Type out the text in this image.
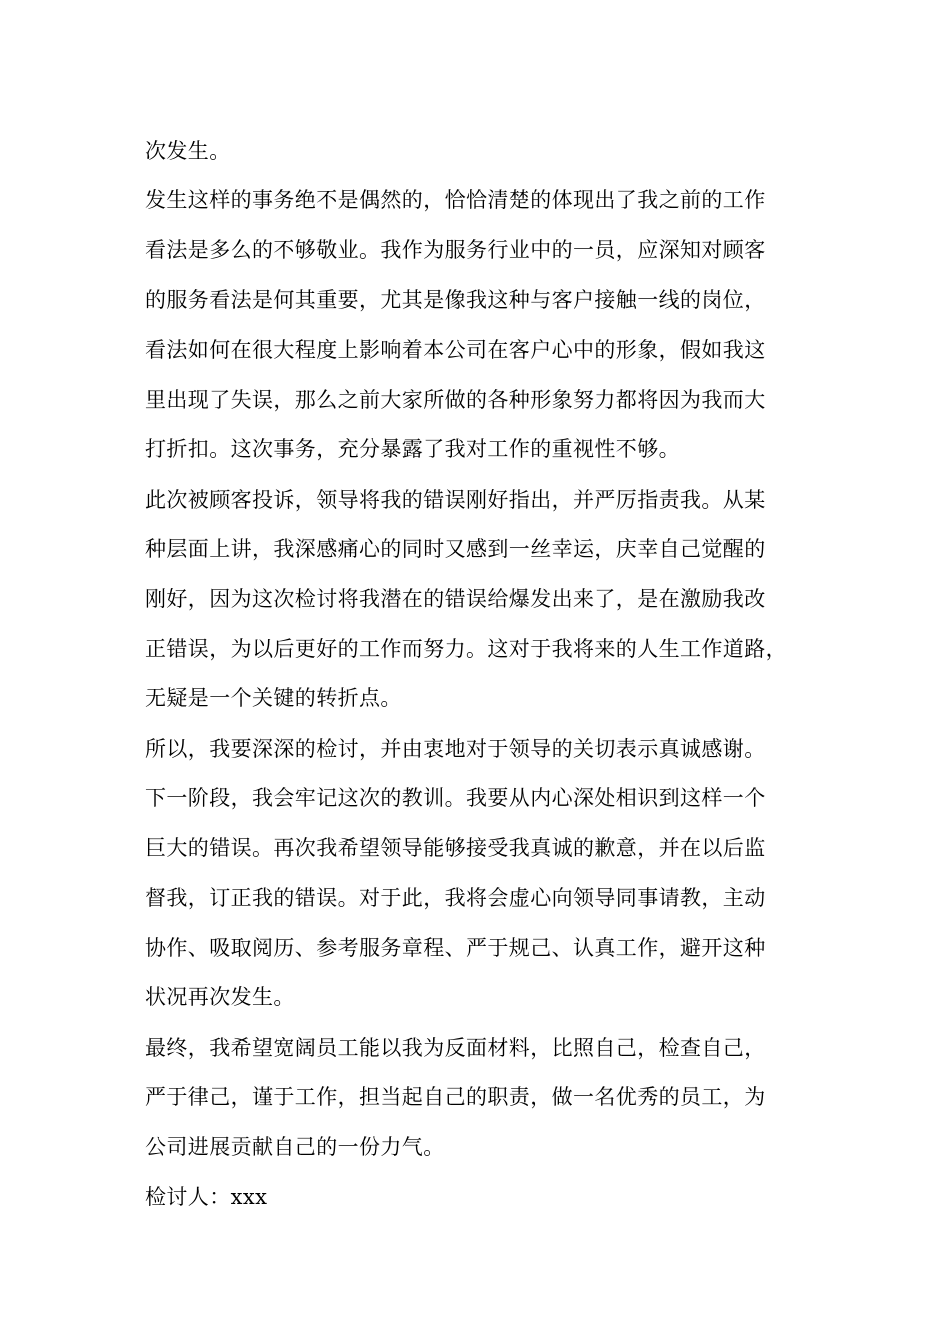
次发生。
发生这样的事务绝不是偶然的，恰恰清楚的体现出了我之前的工作
看法是多么的不够敬业。我作为服务行业中的一员，应深知对顾客
的服务看法是何其重要，尤其是像我这种与客户接触一线的岗位，
看法如何在很大程度上影响着本公司在客户心中的形象，假如我这
里出现了失误，那么之前大家所做的各种形象努力都将因为我而大
打折扣。这次事务，充分暴露了我对工作的重视性不够。
此次被顾客投诉，领导将我的错误刚好指出，并严厉指责我。从某
种层面上讲，我深感痛心的同时又感到一丝幸运，庆幸自己觉醒的
刚好，因为这次检讨将我潜在的错误给爆发出来了，是在激励我改
正错误，为以后更好的工作而努力。这对于我将来的人生工作道路，
无疑是一个关键的转折点。
所以，我要深深的检讨，并由衷地对于领导的关切表示真诚感谢。
下一阶段，我会牢记这次的教训。我要从内心深处相识到这样一个
巨大的错误。再次我希望领导能够接受我真诚的歉意，并在以后监
督我，订正我的错误。对于此，我将会虚心向领导同事请教，主动
协作、吸取阅历、参考服务章程、严于规己、认真工作，避开这种
状况再次发生。
最终，我希望宽阔员工能以我为反面材料，比照自己，检查自己，
严于律己，谨于工作，担当起自己的职责，做一名优秀的员工，为
公司进展贡献自己的一份力气。
检讨人：xxx
